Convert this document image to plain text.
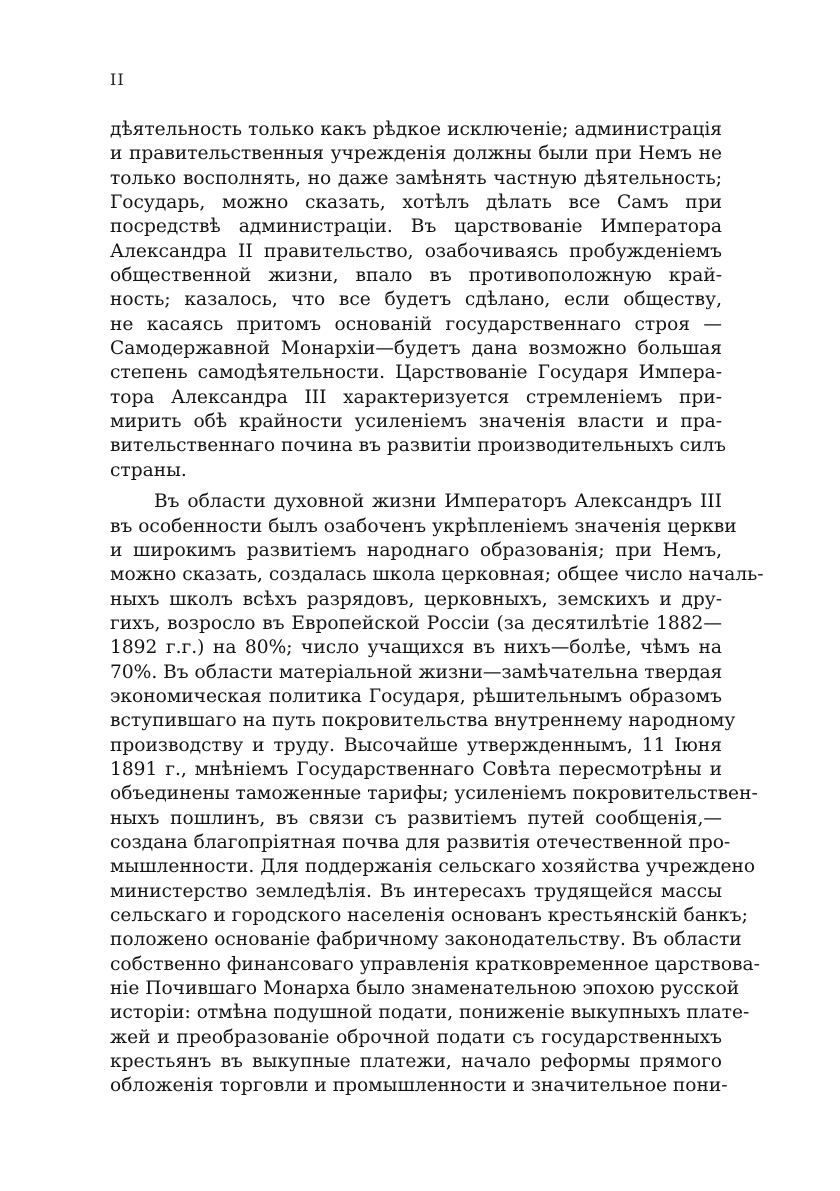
II
дѣятельность только какъ рѣдкое исключеніе; администрація
и правительственныя учрежденія должны были при Немъ не
только восполнять, но даже замѣнять частную дѣятельность;
Государь, можно сказать, хотѣлъ дѣлать все Самъ при
посредствѣ администраціи. Въ царствованіе Императора
Александра II правительство, озабочиваясь пробужденіемъ
общественной жизни, впало въ противоположную край-
ность; казалось, что все будетъ сдѣлано, если обществу,
не касаясь притомъ основаній государственнаго строя —
Самодержавной Монархіи—будетъ дана возможно большая
степень самодѣятельности. Царствованіе Государя Импера-
тора Александра III характеризуется стремленіемъ при-
мирить обѣ крайности усиленіемъ значенія власти и пра-
вительственнаго почина въ развитіи производительныхъ силъ
страны.
Въ области духовной жизни Императоръ Александръ III
въ особенности былъ озабоченъ укрѣпленіемъ значенія церкви
и широкимъ развитіемъ народнаго образованія; при Немъ,
можно сказать, создалась школа церковная; общее число началь-
ныхъ школъ всѣхъ разрядовъ, церковныхъ, земскихъ и дру-
гихъ, возросло въ Европейской Россіи (за десятилѣтіе 1882—
1892 г.г.) на 80%; число учащихся въ нихъ—болѣе, чѣмъ на
70%. Въ области матеріальной жизни—замѣчательна твердая
экономическая политика Государя, рѣшительнымъ образомъ
вступившаго на путь покровительства внутреннему народному
производству и труду. Высочайше утвержденнымъ, 11 Іюня
1891 г., мнѣніемъ Государственнаго Совѣта пересмотрѣны и
объединены таможенные тарифы; усиленіемъ покровительствен-
ныхъ пошлинъ, въ связи съ развитіемъ путей сообщенія,—
создана благопріятная почва для развитія отечественной про-
мышленности. Для поддержанія сельскаго хозяйства учреждено
министерство земледѣлія. Въ интересахъ трудящейся массы
сельскаго и городского населенія основанъ крестьянскій банкъ;
положено основаніе фабричному законодательству. Въ области
собственно финансоваго управленія кратковременное царствова-
ніе Почившаго Монарха было знаменательною эпохою русской
исторіи: отмѣна подушной подати, пониженіе выкупныхъ плате-
жей и преобразованіе оброчной подати съ государственныхъ
крестьянъ въ выкупные платежи, начало реформы прямого
обложенія торговли и промышленности и значительное пони-
